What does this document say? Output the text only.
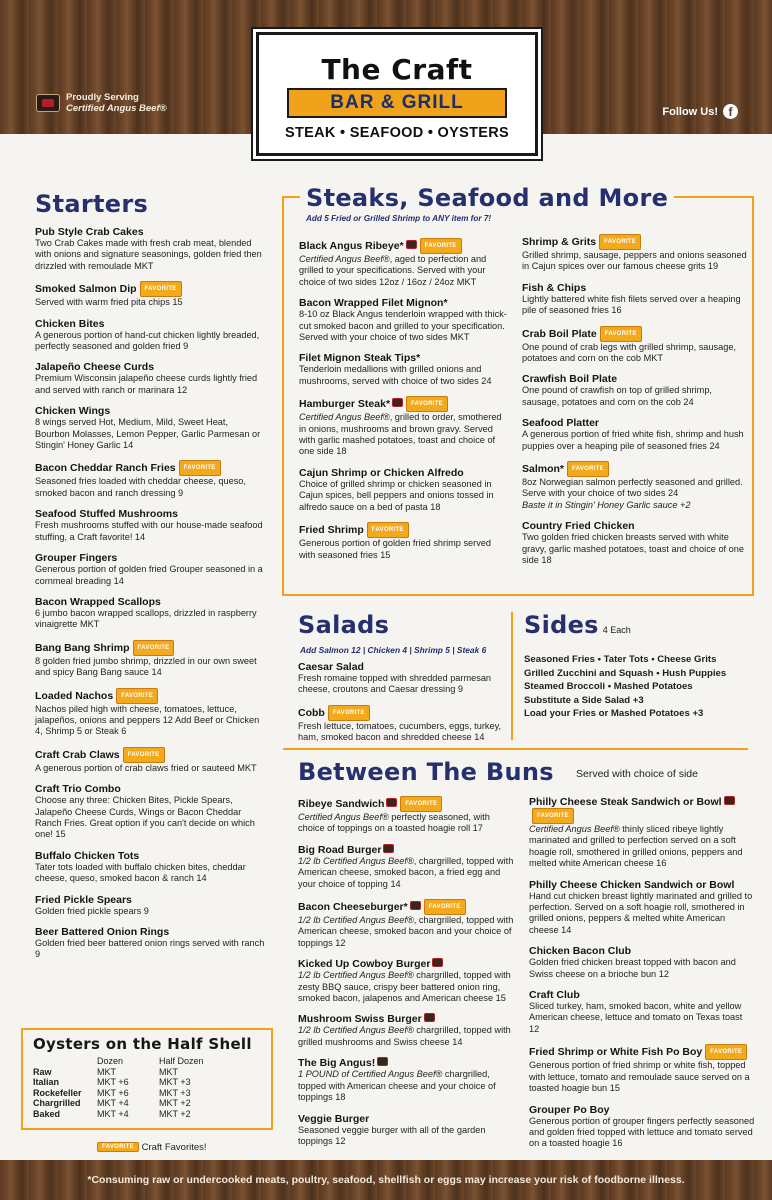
Proudly Serving
Certified Angus Beef®	Follow Us! f
The Craft
BAR & GRILL
STEAK • SEAFOOD • OYSTERS
Starters
Pub Style Crab Cakes
Two Crab Cakes made with fresh crab meat, blended with onions and signature seasonings, golden fried then drizzled with remoulade MKT
Smoked Salmon Dip FAVORITE
Served with warm fried pita chips 15
Chicken Bites
A generous portion of hand-cut chicken lightly breaded, perfectly seasoned and golden fried 9
Jalapeño Cheese Curds
Premium Wisconsin jalapeño cheese curds lightly fried and served with ranch or marinara 12
Chicken Wings
8 wings served Hot, Medium, Mild, Sweet Heat, Bourbon Molasses, Lemon Pepper, Garlic Parmesan or Stingin' Honey Garlic 14
Bacon Cheddar Ranch Fries FAVORITE
Seasoned fries loaded with cheddar cheese, queso, smoked bacon and ranch dressing 9
Seafood Stuffed Mushrooms
Fresh mushrooms stuffed with our house-made seafood stuffing, a Craft favorite! 14
Grouper Fingers
Generous portion of golden fried Grouper seasoned in a cornmeal breading 14
Bacon Wrapped Scallops
6 jumbo bacon wrapped scallops, drizzled in raspberry vinaigrette MKT
Bang Bang Shrimp FAVORITE
8 golden fried jumbo shrimp, drizzled in our own sweet and spicy Bang Bang sauce 14
Loaded Nachos FAVORITE
Nachos piled high with cheese, tomatoes, lettuce, jalapeños, onions and peppers 12 Add Beef or Chicken 4, Shrimp 5 or Steak 6
Craft Crab Claws FAVORITE
A generous portion of crab claws fried or sauteed MKT
Craft Trio Combo
Choose any three: Chicken Bites, Pickle Spears, Jalapeño Cheese Curds, Wings or Bacon Cheddar Ranch Fries. Great option if you can't decide on which one! 15
Buffalo Chicken Tots
Tater tots loaded with buffalo chicken bites, cheddar cheese, queso, smoked bacon & ranch 14
Fried Pickle Spears
Golden fried pickle spears 9
Beer Battered Onion Rings
Golden fried beer battered onion rings served with ranch 9
Steaks, Seafood and More
Add 5 Fried or Grilled Shrimp to ANY item for 7!
Black Angus Ribeye*	FAVORITE
Certified Angus Beef®, aged to perfection and grilled to your specifications. Served with your choice of two sides 12oz / 16oz / 24oz MKT
Bacon Wrapped Filet Mignon*
8-10 oz Black Angus tenderloin wrapped with thick-cut smoked bacon and grilled to your specification. Served with your choice of two sides MKT
Filet Mignon Steak Tips*
Tenderloin medallions with grilled onions and mushrooms, served with choice of two sides 24
Hamburger Steak*	FAVORITE
Certified Angus Beef®, grilled to order, smothered in onions, mushrooms and brown gravy. Served with garlic mashed potatoes, toast and choice of one side 18
Cajun Shrimp or Chicken Alfredo
Choice of grilled shrimp or chicken seasoned in Cajun spices, bell peppers and onions tossed in alfredo sauce on a bed of pasta 18
Fried Shrimp FAVORITE
Generous portion of golden fried shrimp served with seasoned fries 15
Shrimp & Grits FAVORITE
Grilled shrimp, sausage, peppers and onions seasoned in Cajun spices over our famous cheese grits 19
Fish & Chips
Lightly battered white fish filets served over a heaping pile of seasoned fries 16
Crab Boil Plate FAVORITE
One pound of crab legs with grilled shrimp, sausage, potatoes and corn on the cob MKT
Crawfish Boil Plate
One pound of crawfish on top of grilled shrimp, sausage, potatoes and corn on the cob 24
Seafood Platter
A generous portion of fried white fish, shrimp and hush puppies over a heaping pile of seasoned fries 24
Salmon* FAVORITE
8oz Norwegian salmon perfectly seasoned and grilled. Serve with your choice of two sides 24
Baste it in Stingin' Honey Garlic sauce +2
Country Fried Chicken
Two golden fried chicken breasts served with white gravy, garlic mashed potatoes, toast and choice of one side 18
Salads
Add Salmon 12 | Chicken 4 | Shrimp 5 | Steak 6
Caesar Salad
Fresh romaine topped with shredded parmesan cheese, croutons and Caesar dressing 9
Cobb FAVORITE
Fresh lettuce, tomatoes, cucumbers, eggs, turkey, ham, smoked bacon and shredded cheese 14
Sides 4 Each
Seasoned Fries • Tater Tots • Cheese Grits
Grilled Zucchini and Squash • Hush Puppies
Steamed Broccoli • Mashed Potatoes
Substitute a Side Salad +3
Load your Fries or Mashed Potatoes +3
Between The Buns Served with choice of side
Ribeye Sandwich	FAVORITE
Certified Angus Beef® perfectly seasoned, with choice of toppings on a toasted hoagie roll 17
Big Road Burger
1/2 lb Certified Angus Beef®, chargrilled, topped with American cheese, smoked bacon, a fried egg and your choice of topping 14
Bacon Cheeseburger*	FAVORITE
1/2 lb Certified Angus Beef®, chargrilled, topped with American cheese, smoked bacon and your choice of toppings 12
Kicked Up Cowboy Burger
1/2 lb Certified Angus Beef® chargrilled, topped with zesty BBQ sauce, crispy beer battered onion ring, smoked bacon, jalapenos and American cheese 15
Mushroom Swiss Burger
1/2 lb Certified Angus Beef® chargrilled, topped with grilled mushrooms and Swiss cheese 14
The Big Angus!
1 POUND of Certified Angus Beef® chargrilled, topped with American cheese and your choice of toppings 18
Veggie Burger
Seasoned veggie burger with all of the garden toppings 12
Philly Cheese Steak Sandwich or BowlFAVORITE
Certified Angus Beef® thinly sliced ribeye lightly marinated and grilled to perfection served on a soft hoagie roll, smothered in grilled onions, peppers and melted white American cheese 16
Philly Cheese Chicken Sandwich or Bowl
Hand cut chicken breast lightly marinated and grilled to perfection. Served on a soft hoagie roll, smothered in grilled onions, peppers & melted white American cheese 14
Chicken Bacon Club
Golden fried chicken breast topped with bacon and Swiss cheese on a brioche bun 12
Craft Club
Sliced turkey, ham, smoked bacon, white and yellow American cheese, lettuce and tomato on Texas toast 12
Fried Shrimp or White Fish Po Boy FAVORITE
Generous portion of fried shrimp or white fish, topped with lettuce, tomato and remoulade sauce served on a toasted hoagie bun 15
Grouper Po Boy
Generous portion of grouper fingers perfectly seasoned and golden fried topped with lettuce and tomato served on a toasted hoagie 16
Oysters on the Half Shell
	Dozen	Half Dozen
Raw	MKT	MKT
Italian	MKT +6	MKT +3
Rockefeller	MKT +6	MKT +3
Chargrilled	MKT +4	MKT +2
Baked	MKT +4	MKT +2
FAVORITE Craft Favorites!
*Consuming raw or undercooked meats, poultry, seafood, shellfish or eggs may increase your risk of foodborne illness.
